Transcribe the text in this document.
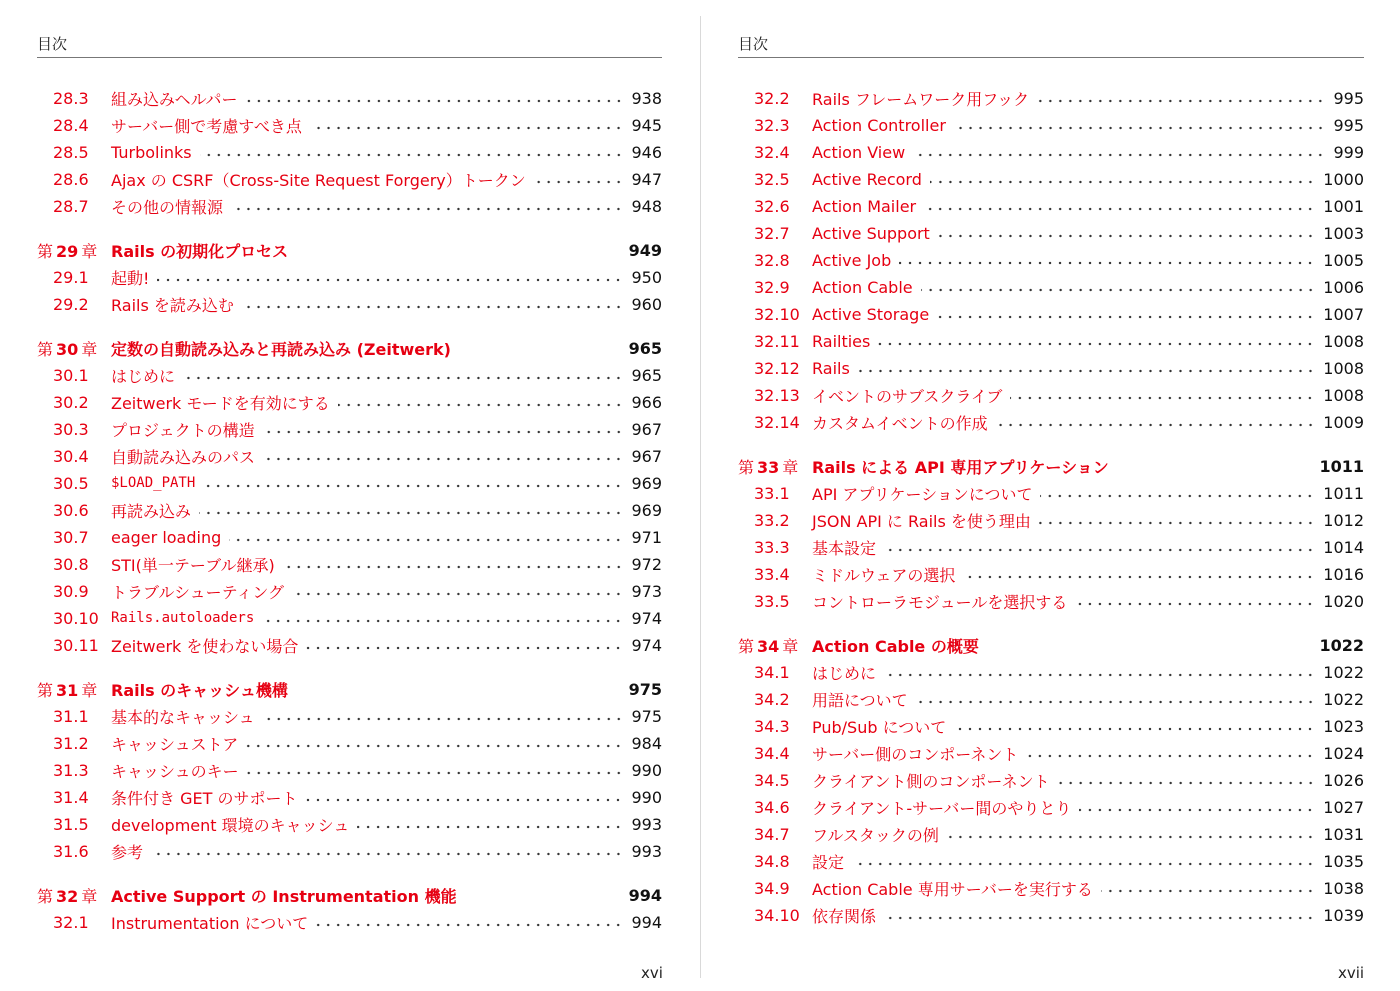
目次
28.3	組み込みヘルパー	938
28.4	サーバー側で考慮すべき点	945
28.5	Turbolinks	946
28.6	Ajax の CSRF（Cross-Site Request Forgery）トークン	947
28.7	その他の情報源	948
第 29 章 Rails の初期化プロセス	949
29.1	起動!	950
29.2	Rails を読み込む	960
第 30 章 定数の自動読み込みと再読み込み (Zeitwerk)	965
30.1	はじめに	965
30.2	Zeitwerk モードを有効にする	966
30.3	プロジェクトの構造	967
30.4	自動読み込みのパス	967
30.5	$LOAD_PATH	969
30.6	再読み込み	969
30.7	eager loading	971
30.8	STI(単一テーブル継承)	972
30.9	トラブルシューティング	973
30.10 Rails.autoloaders	974
30.11 Zeitwerk を使わない場合	974
第 31 章 Rails のキャッシュ機構	975
31.1	基本的なキャッシュ	975
31.2	キャッシュストア	984
31.3	キャッシュのキー	990
31.4	条件付き GET のサポート	990
31.5	development 環境のキャッシュ	993
31.6	参考	993
第 32 章 Active Support の Instrumentation 機能	994
32.1	Instrumentation について	994
xvi
目次
32.2	Rails フレームワーク用フック	995
32.3	Action Controller	995
32.4	Action View	999
32.5	Active Record	1000
32.6	Action Mailer	1001
32.7	Active Support	1003
32.8	Active Job	1005
32.9	Action Cable	1006
32.10 Active Storage	1007
32.11 Railties	1008
32.12 Rails	1008
32.13 イベントのサブスクライブ	1008
32.14 カスタムイベントの作成	1009
第 33 章 Rails による API 専用アプリケーション	1011
33.1	API アプリケーションについて	1011
33.2	JSON API に Rails を使う理由	1012
33.3	基本設定	1014
33.4	ミドルウェアの選択	1016
33.5	コントローラモジュールを選択する	1020
第 34 章 Action Cable の概要	1022
34.1	はじめに	1022
34.2	用語について	1022
34.3	Pub/Sub について	1023
34.4	サーバー側のコンポーネント	1024
34.5	クライアント側のコンポーネント	1026
34.6	クライアント-サーバー間のやりとり	1027
34.7	フルスタックの例	1031
34.8	設定	1035
34.9	Action Cable 専用サーバーを実行する	1038
34.10 依存関係	1039
xvii
